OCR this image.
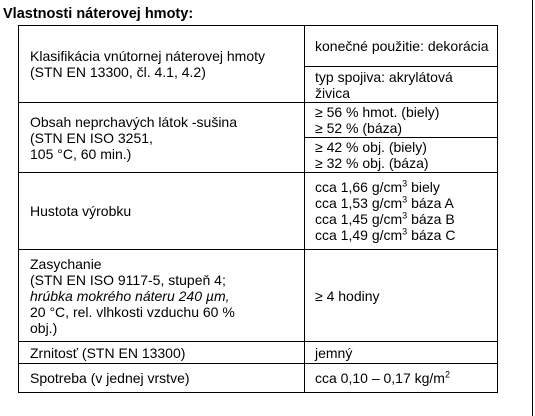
Vlastnosti náterovej hmoty:
Klasifikácia vnútornej náterovej hmoty
(STN EN 13300, čl. 4.1, 4.2)	konečné použitie: dekorácia

	typ spojiva: akrylátová živica

Obsah neprchavých látok -sušina
(STN EN ISO 3251,
105 °C, 60 min.)	≥ 56 % hmot. (biely)
≥ 52 % (báza)

	≥ 42 % obj. (biely)
≥ 32 % obj. (báza)

Hustota výrobku	cca 1,66 $g/cm^3$ biely
cca 1,53 $g/cm^3$ báza A
cca 1,45 $g/cm^3$ báza B
cca 1,49 $g/cm^3$ báza C

Zasychanie
(STN EN ISO 9117-5, stupeň 4;
hrúbka mokrého náteru 240 µm,
20 °C, rel. vlhkosti vzduchu 60 %
obj.)	≥ 4 hodiny
Zrnitosť (STN EN 13300)	jemný
Spotreba (v jednej vrstve)	cca 0,10 – 0,17 $kg/m^2$
